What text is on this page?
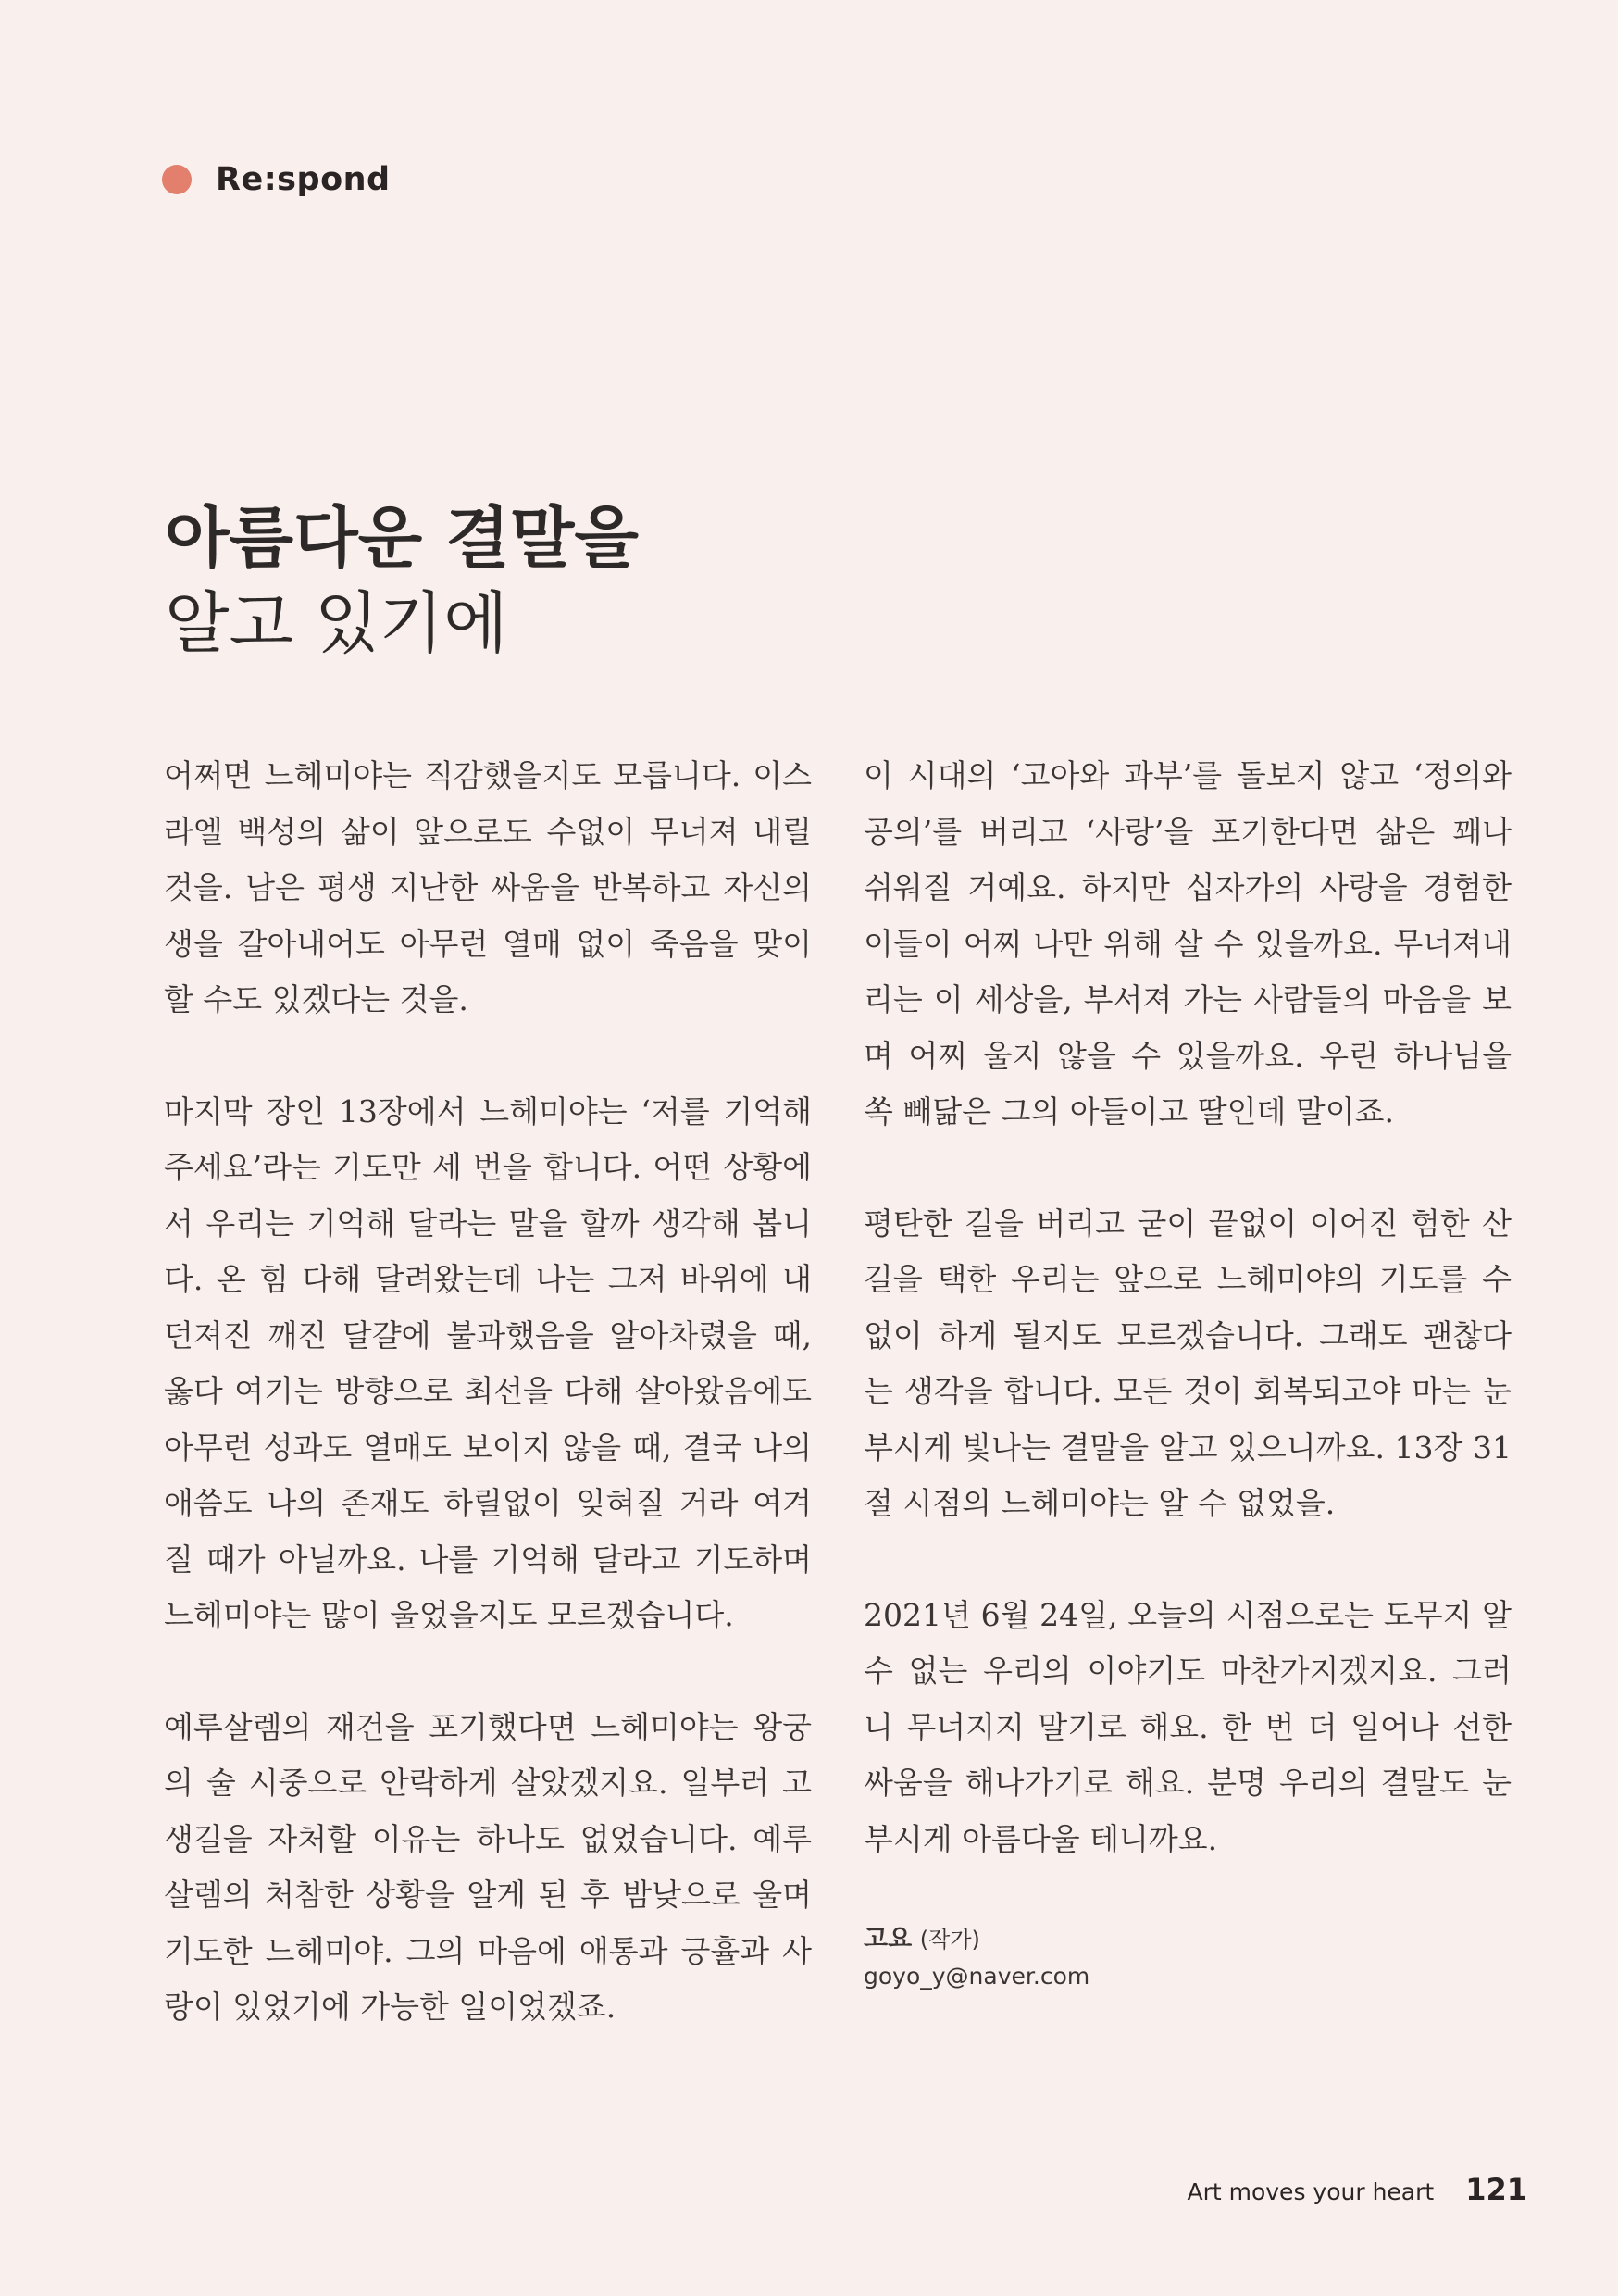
Re:spond
아름다운 결말을
알고 있기에

어쩌면 느헤미야는 직감했을지도 모릅니다. 이스라엘 백성의 삶이 앞으로도 수없이 무너져 내릴 것을. 남은 평생 지난한 싸움을 반복하고 자신의 생을 갈아내어도 아무런 열매 없이 죽음을 맞이할 수도 있겠다는 것을.

마지막 장인 13장에서 느헤미야는 ‘저를 기억해 주세요’라는 기도만 세 번을 합니다. 어떤 상황에서 우리는 기억해 달라는 말을 할까 생각해 봅니다. 온 힘 다해 달려왔는데 나는 그저 바위에 내던져진 깨진 달걀에 불과했음을 알아차렸을 때, 옳다 여기는 방향으로 최선을 다해 살아왔음에도 아무런 성과도 열매도 보이지 않을 때, 결국 나의 애씀도 나의 존재도 하릴없이 잊혀질 거라 여겨질 때가 아닐까요. 나를 기억해 달라고 기도하며 느헤미야는 많이 울었을지도 모르겠습니다.

예루살렘의 재건을 포기했다면 느헤미야는 왕궁의 술 시중으로 안락하게 살았겠지요. 일부러 고생길을 자처할 이유는 하나도 없었습니다. 예루살렘의 처참한 상황을 알게 된 후 밤낮으로 울며 기도한 느헤미야. 그의 마음에 애통과 긍휼과 사랑이 있었기에 가능한 일이었겠죠.

이 시대의 ‘고아와 과부’를 돌보지 않고 ‘정의와 공의’를 버리고 ‘사랑’을 포기한다면 삶은 꽤나 쉬워질 거예요. 하지만 십자가의 사랑을 경험한 이들이 어찌 나만 위해 살 수 있을까요. 무너져내리는 이 세상을, 부서져 가는 사람들의 마음을 보며 어찌 울지 않을 수 있을까요. 우린 하나님을 쏙 빼닮은 그의 아들이고 딸인데 말이죠.

평탄한 길을 버리고 굳이 끝없이 이어진 험한 산길을 택한 우리는 앞으로 느헤미야의 기도를 수없이 하게 될지도 모르겠습니다. 그래도 괜찮다는 생각을 합니다. 모든 것이 회복되고야 마는 눈부시게 빛나는 결말을 알고 있으니까요. 13장 31절 시점의 느헤미야는 알 수 없었을.

2021년 6월 24일, 오늘의 시점으로는 도무지 알 수 없는 우리의 이야기도 마찬가지겠지요. 그러니 무너지지 말기로 해요. 한 번 더 일어나 선한 싸움을 해나가기로 해요. 분명 우리의 결말도 눈부시게 아름다울 테니까요.

고요 (작가)
goyo_y@naver.com
Art moves your heart 121
